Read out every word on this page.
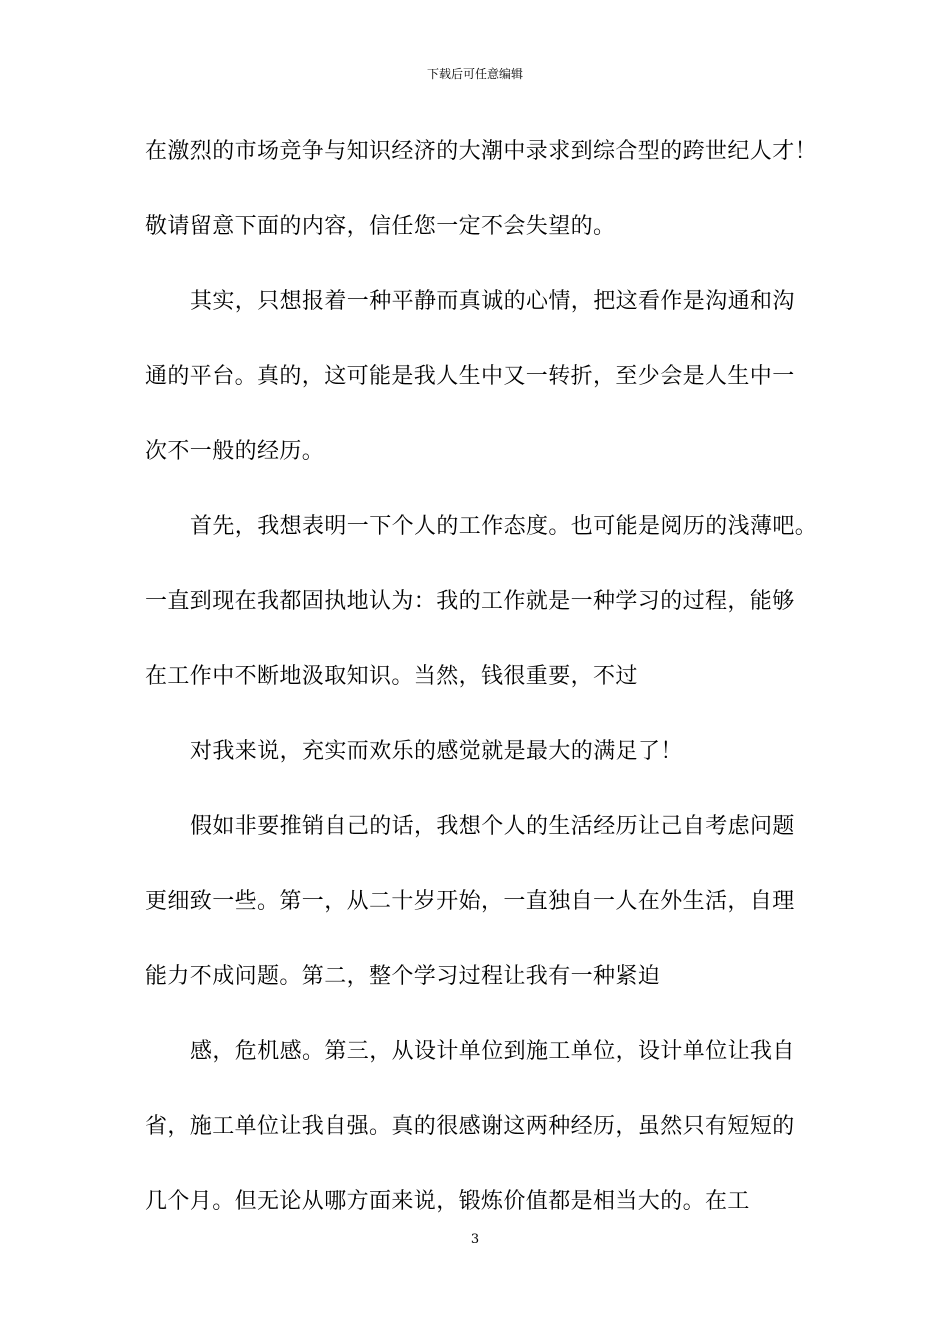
下载后可任意编辑
在激烈的市场竞争与知识经济的大潮中录求到综合型的跨世纪人才！
敬请留意下面的内容，信任您一定不会失望的。
其实，只想报着一种平静而真诚的心情，把这看作是沟通和沟
通的平台。真的，这可能是我人生中又一转折，至少会是人生中一
次不一般的经历。
首先，我想表明一下个人的工作态度。也可能是阅历的浅薄吧。
一直到现在我都固执地认为：我的工作就是一种学习的过程，能够
在工作中不断地汲取知识。当然，钱很重要，不过
对我来说，充实而欢乐的感觉就是最大的满足了！
假如非要推销自己的话，我想个人的生活经历让己自考虑问题
更细致一些。第一，从二十岁开始，一直独自一人在外生活，自理
能力不成问题。第二，整个学习过程让我有一种紧迫
感，危机感。第三，从设计单位到施工单位，设计单位让我自
省，施工单位让我自强。真的很感谢这两种经历，虽然只有短短的
几个月。但无论从哪方面来说，锻炼价值都是相当大的。在工
3
